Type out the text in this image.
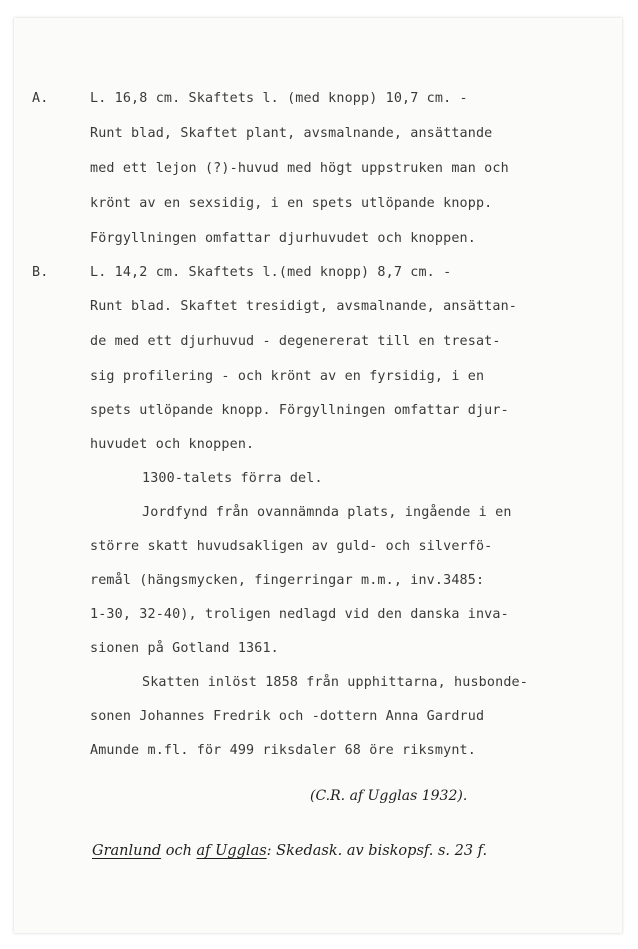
A.	L. 16,8 cm. Skaftets l. (med knopp) 10,7 cm. -
Runt blad, Skaftet plant, avsmalnande, ansättande
med ett lejon (?)-huvud med högt uppstruken man och
krönt av en sexsidig, i en spets utlöpande knopp.
Förgyllningen omfattar djurhuvudet och knoppen.
B.	L. 14,2 cm. Skaftets l.(med knopp) 8,7 cm. -
Runt blad. Skaftet tresidigt, avsmalnande, ansättan-
de med ett djurhuvud - degenererat till en tresat-
sig profilering - och krönt av en fyrsidig, i en
spets utlöpande knopp. Förgyllningen omfattar djur-
huvudet och knoppen.
1300-talets förra del.
Jordfynd från ovannämnda plats, ingående i en
större skatt huvudsakligen av guld- och silverfö-
remål (hängsmycken, fingerringar m.m., inv.3485:
1-30, 32-40), troligen nedlagd vid den danska inva-
sionen på Gotland 1361.
Skatten inlöst 1858 från upphittarna, husbonde-
sonen Johannes Fredrik och -dottern Anna Gardrud
Amunde m.fl. för 499 riksdaler 68 öre riksmynt.
(C.R. af Ugglas 1932).
Granlund och af Ugglas: Skedask. av biskopsf. s. 23 f.
